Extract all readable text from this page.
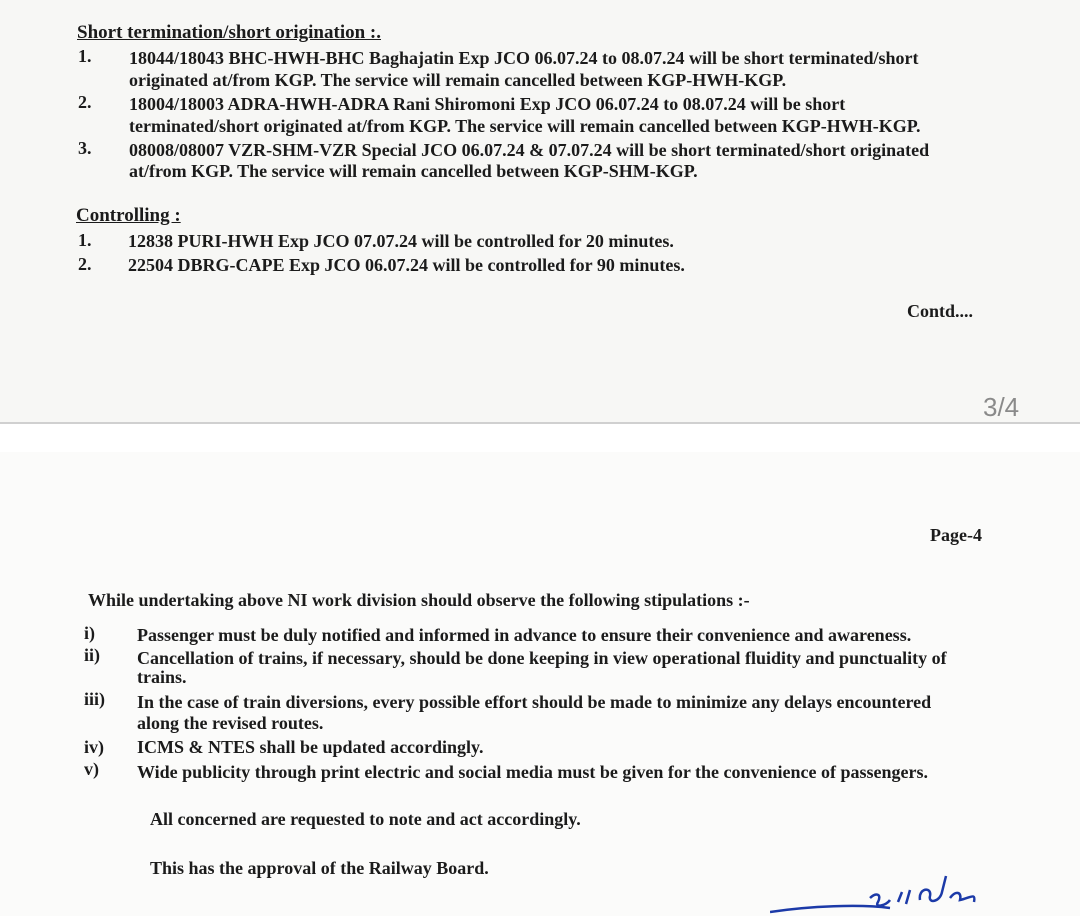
Short termination/short origination :.
1. 18044/18043 BHC-HWH-BHC Baghajatin Exp JCO 06.07.24 to 08.07.24 will be short terminated/short
originated at/from KGP. The service will remain cancelled between KGP-HWH-KGP.
2. 18004/18003 ADRA-HWH-ADRA Rani Shiromoni Exp JCO 06.07.24 to 08.07.24 will be short
terminated/short originated at/from KGP. The service will remain cancelled between KGP-HWH-KGP.
3. 08008/08007 VZR-SHM-VZR Special JCO 06.07.24 & 07.07.24 will be short terminated/short originated
at/from KGP. The service will remain cancelled between KGP-SHM-KGP.
Controlling :
1. 12838 PURI-HWH Exp JCO 07.07.24 will be controlled for 20 minutes.
2. 22504 DBRG-CAPE Exp JCO 06.07.24 will be controlled for 90 minutes.
Contd....
3/4
Page-4
While undertaking above NI work division should observe the following stipulations :-
i) Passenger must be duly notified and informed in advance to ensure their convenience and awareness.
ii) Cancellation of trains, if necessary, should be done keeping in view operational fluidity and punctuality of
trains.
iii) In the case of train diversions, every possible effort should be made to minimize any delays encountered
along the revised routes.
iv) ICMS & NTES shall be updated accordingly.
v) Wide publicity through print electric and social media must be given for the convenience of passengers.
All concerned are requested to note and act accordingly.
This has the approval of the Railway Board.
